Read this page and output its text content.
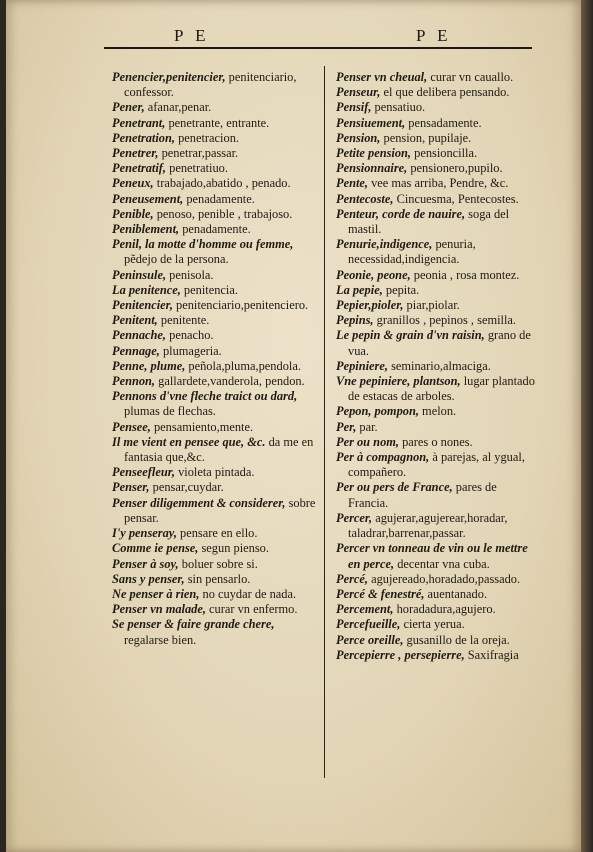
P E	P E

Penencier,penitencier, penitenciario, confessor.

Pener, afanar,penar.

Penetrant, penetrante, entrante.

Penetration, penetracion.

Penetrer, penetrar,passar.

Penetratif, penetratiuo.

Peneux, trabajado,abatido , penado.

Peneusement, penadamente.

Penible, penoso, penible , trabajoso.

Peniblement, penadamente.

Penil, la motte d'homme ou femme, pẽdejo de la persona.

Peninsule, penisola.

La penitence, penitencia.

Penitencier, penitenciario,penitenciero.

Penitent, penitente.

Pennache, penacho.

Pennage, plumageria.

Penne, plume, peñola,pluma,pendola.

Pennon, gallardete,vanderola, pendon.

Pennons d'vne fleche traict ou dard, plumas de flechas.

Pensee, pensamiento,mente.

Il me vient en pensee que, &c. da me en fantasia que,&c.

Penseefleur, violeta pintada.

Penser, pensar,cuydar.

Penser diligemment & considerer, sobre pensar.

I'y penseray, pensare en ello.

Comme ie pense, segun pienso.

Penser à soy, boluer sobre si.

Sans y penser, sin pensarlo.

Ne penser à rien, no cuydar de nada.

Penser vn malade, curar vn enfermo.

Se penser & faire grande chere, regalarse bien.

Penser vn cheual, curar vn cauallo.

Penseur, el que delibera pensando.

Pensif, pensatiuo.

Pensiuement, pensadamente.

Pension, pension, pupilaje.

Petite pension, pensioncilla.

Pensionnaire, pensionero,pupilo.

Pente, vee mas arriba, Pendre, &c.

Pentecoste, Cincuesma, Pentecostes.

Penteur, corde de nauire, soga del mastil.

Penurie,indigence, penuria, necessidad,indigencia.

Peonie, peone, peonia , rosa montez.

La pepie, pepita.

Pepier,pioler, piar,piolar.

Pepins, granillos , pepinos , semilla.

Le pepin & grain d'vn raisin, grano de vua.

Pepiniere, seminario,almaciga.

Vne pepiniere, plantson, lugar plantado de estacas de arboles.

Pepon, pompon, melon.

Per, par.

Per ou nom, pares o nones.

Per à compagnon, à parejas, al ygual, compañero.

Per ou pers de France, pares de Francia.

Percer, agujerar,agujerear,horadar, taladrar,barrenar,passar.

Percer vn tonneau de vin ou le mettre en perce, decentar vna cuba.

Percé, agujereado,horadado,passado.

Percé & fenestré, auentanado.

Percement, horadadura,agujero.

Percefueille, cierta yerua.

Perce oreille, gusanillo de la oreja.

Percepierre , persepierre, Saxifragia
